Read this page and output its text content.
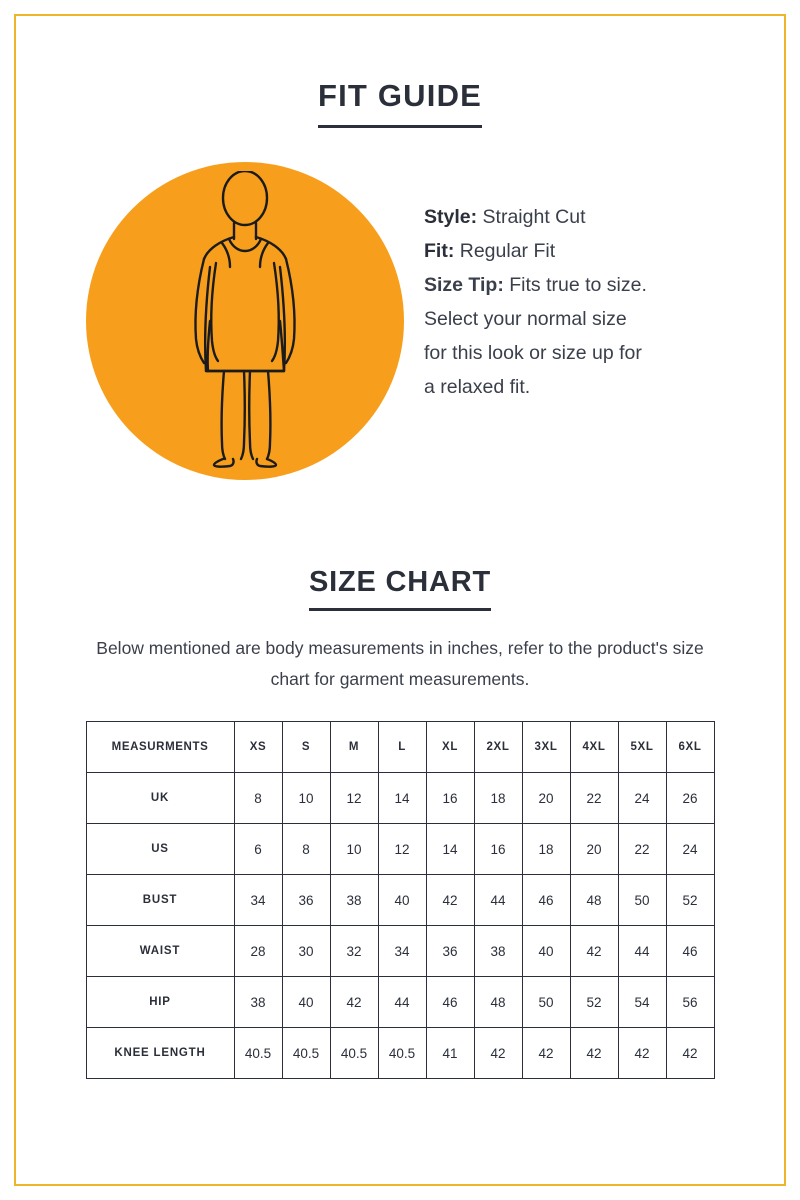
FIT GUIDE
Style: Straight Cut
Fit: Regular Fit
Size Tip: Fits true to size. Select your normal size for this look or size up for a relaxed fit.
SIZE CHART
Below mentioned are body measurements in inches, refer to the product's size chart for garment measurements.
MEASURMENTS	XS	S	M	L	XL	2XL	3XL	4XL	5XL	6XL
UK	8	10	12	14	16	18	20	22	24	26
US	6	8	10	12	14	16	18	20	22	24
BUST	34	36	38	40	42	44	46	48	50	52
WAIST	28	30	32	34	36	38	40	42	44	46
HIP	38	40	42	44	46	48	50	52	54	56
KNEE LENGTH	40.5	40.5	40.5	40.5	41	42	42	42	42	42
